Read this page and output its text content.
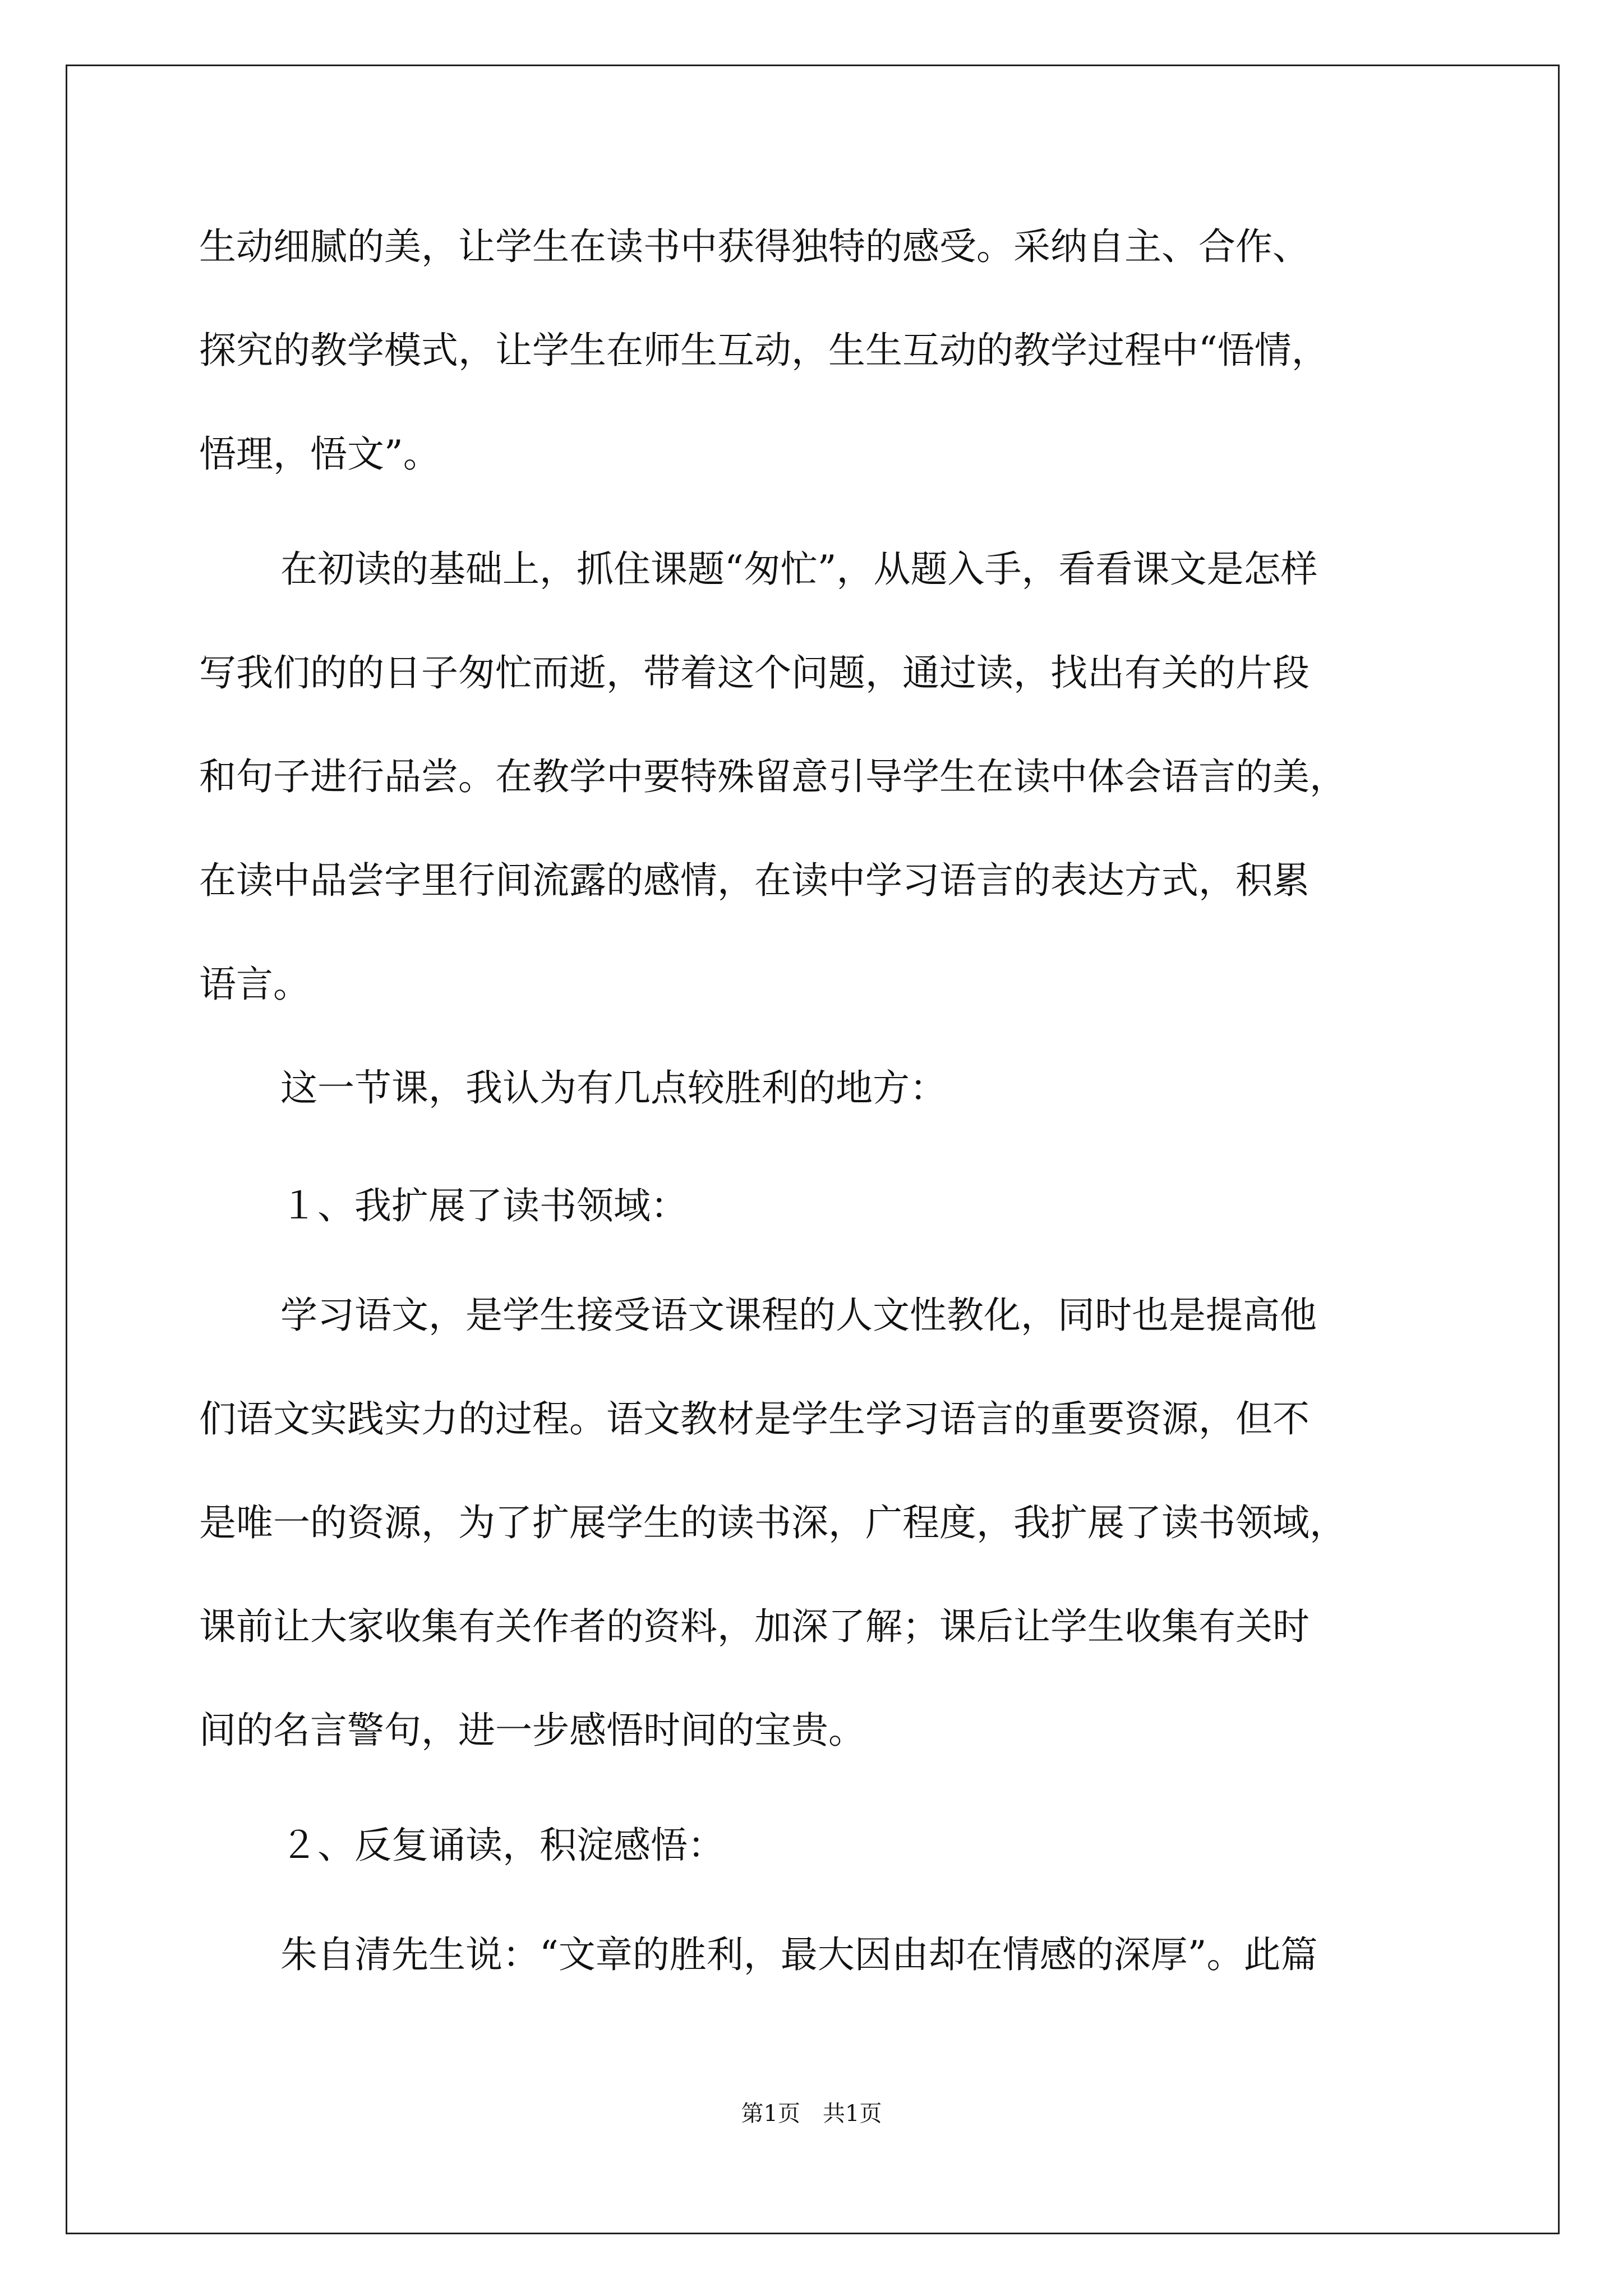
生动细腻的美，让学生在读书中获得独特的感受。采纳自主、合作、
探究的教学模式，让学生在师生互动，生生互动的教学过程中“悟情，
悟理，悟文”。
在初读的基础上，抓住课题“匆忙”，从题入手，看看课文是怎样
写我们的的日子匆忙而逝，带着这个问题，通过读，找出有关的片段
和句子进行品尝。在教学中要特殊留意引导学生在读中体会语言的美，
在读中品尝字里行间流露的感情，在读中学习语言的表达方式，积累
语言。
这一节课，我认为有几点较胜利的地方：
１、我扩展了读书领域：
学习语文，是学生接受语文课程的人文性教化，同时也是提高他
们语文实践实力的过程。语文教材是学生学习语言的重要资源，但不
是唯一的资源，为了扩展学生的读书深，广程度，我扩展了读书领域，
课前让大家收集有关作者的资料，加深了解；课后让学生收集有关时
间的名言警句，进一步感悟时间的宝贵。
２、反复诵读，积淀感悟：
朱自清先生说：“文章的胜利，最大因由却在情感的深厚”。此篇
第1页　共1页
